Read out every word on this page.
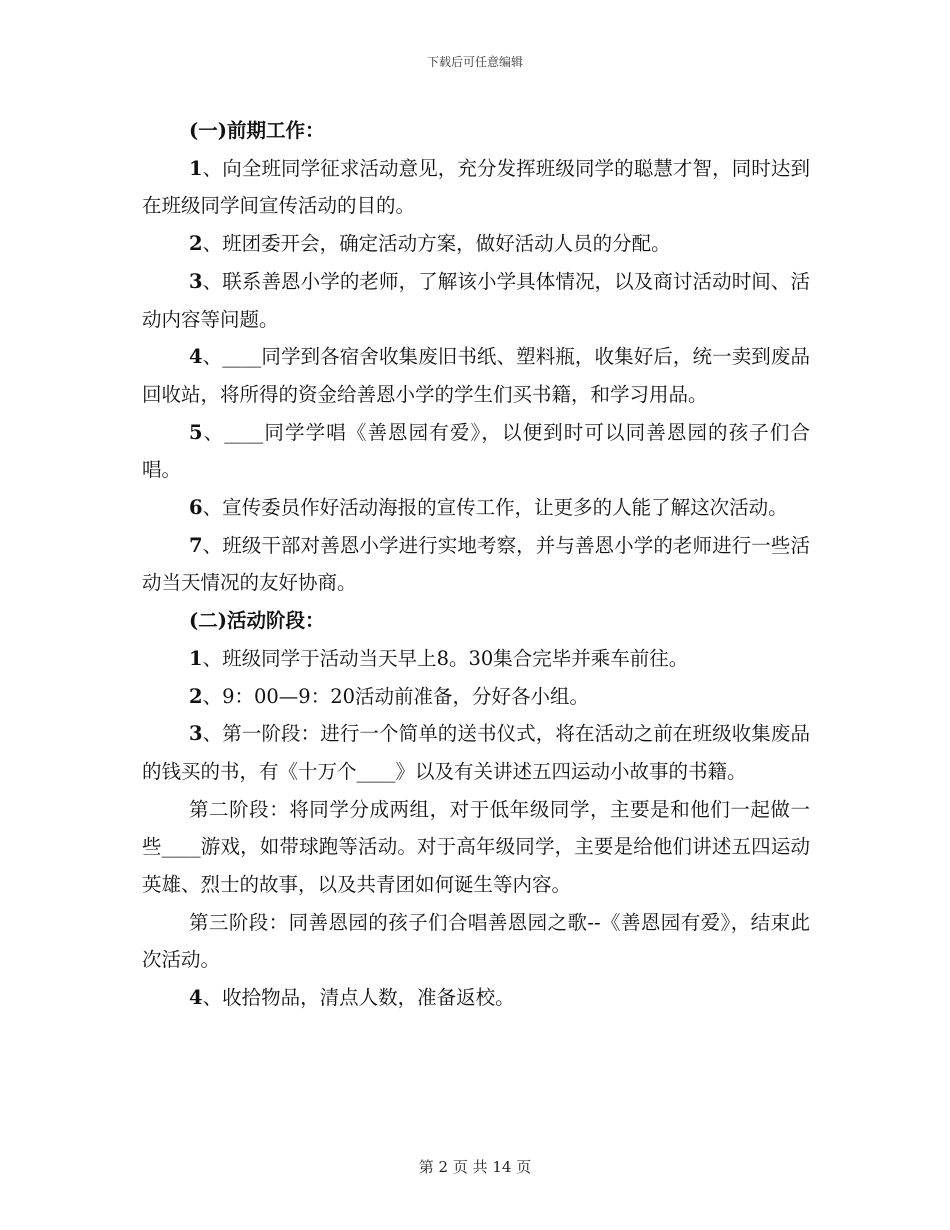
下载后可任意编辑

(一)前期工作：

1、向全班同学征求活动意见，充分发挥班级同学的聪慧才智，同时达到在班级同学间宣传活动的目的。

2、班团委开会，确定活动方案，做好活动人员的分配。

3、联系善恩小学的老师，了解该小学具体情况，以及商讨活动时间、活动内容等问题。

4、____同学到各宿舍收集废旧书纸、塑料瓶，收集好后，统一卖到废品回收站，将所得的资金给善恩小学的学生们买书籍，和学习用品。

5、____同学学唱《善恩园有爱》，以便到时可以同善恩园的孩子们合唱。

6、宣传委员作好活动海报的宣传工作，让更多的人能了解这次活动。

7、班级干部对善恩小学进行实地考察，并与善恩小学的老师进行一些活动当天情况的友好协商。

(二)活动阶段：

1、班级同学于活动当天早上8。30集合完毕并乘车前往。

2、9：00—9：20活动前准备，分好各小组。

3、第一阶段：进行一个简单的送书仪式，将在活动之前在班级收集废品的钱买的书，有《十万个____》以及有关讲述五四运动小故事的书籍。

第二阶段：将同学分成两组，对于低年级同学，主要是和他们一起做一些____游戏，如带球跑等活动。对于高年级同学，主要是给他们讲述五四运动英雄、烈士的故事，以及共青团如何诞生等内容。

第三阶段：同善恩园的孩子们合唱善恩园之歌--《善恩园有爱》，结束此次活动。

4、收拾物品，清点人数，准备返校。

第 2 页 共 14 页
